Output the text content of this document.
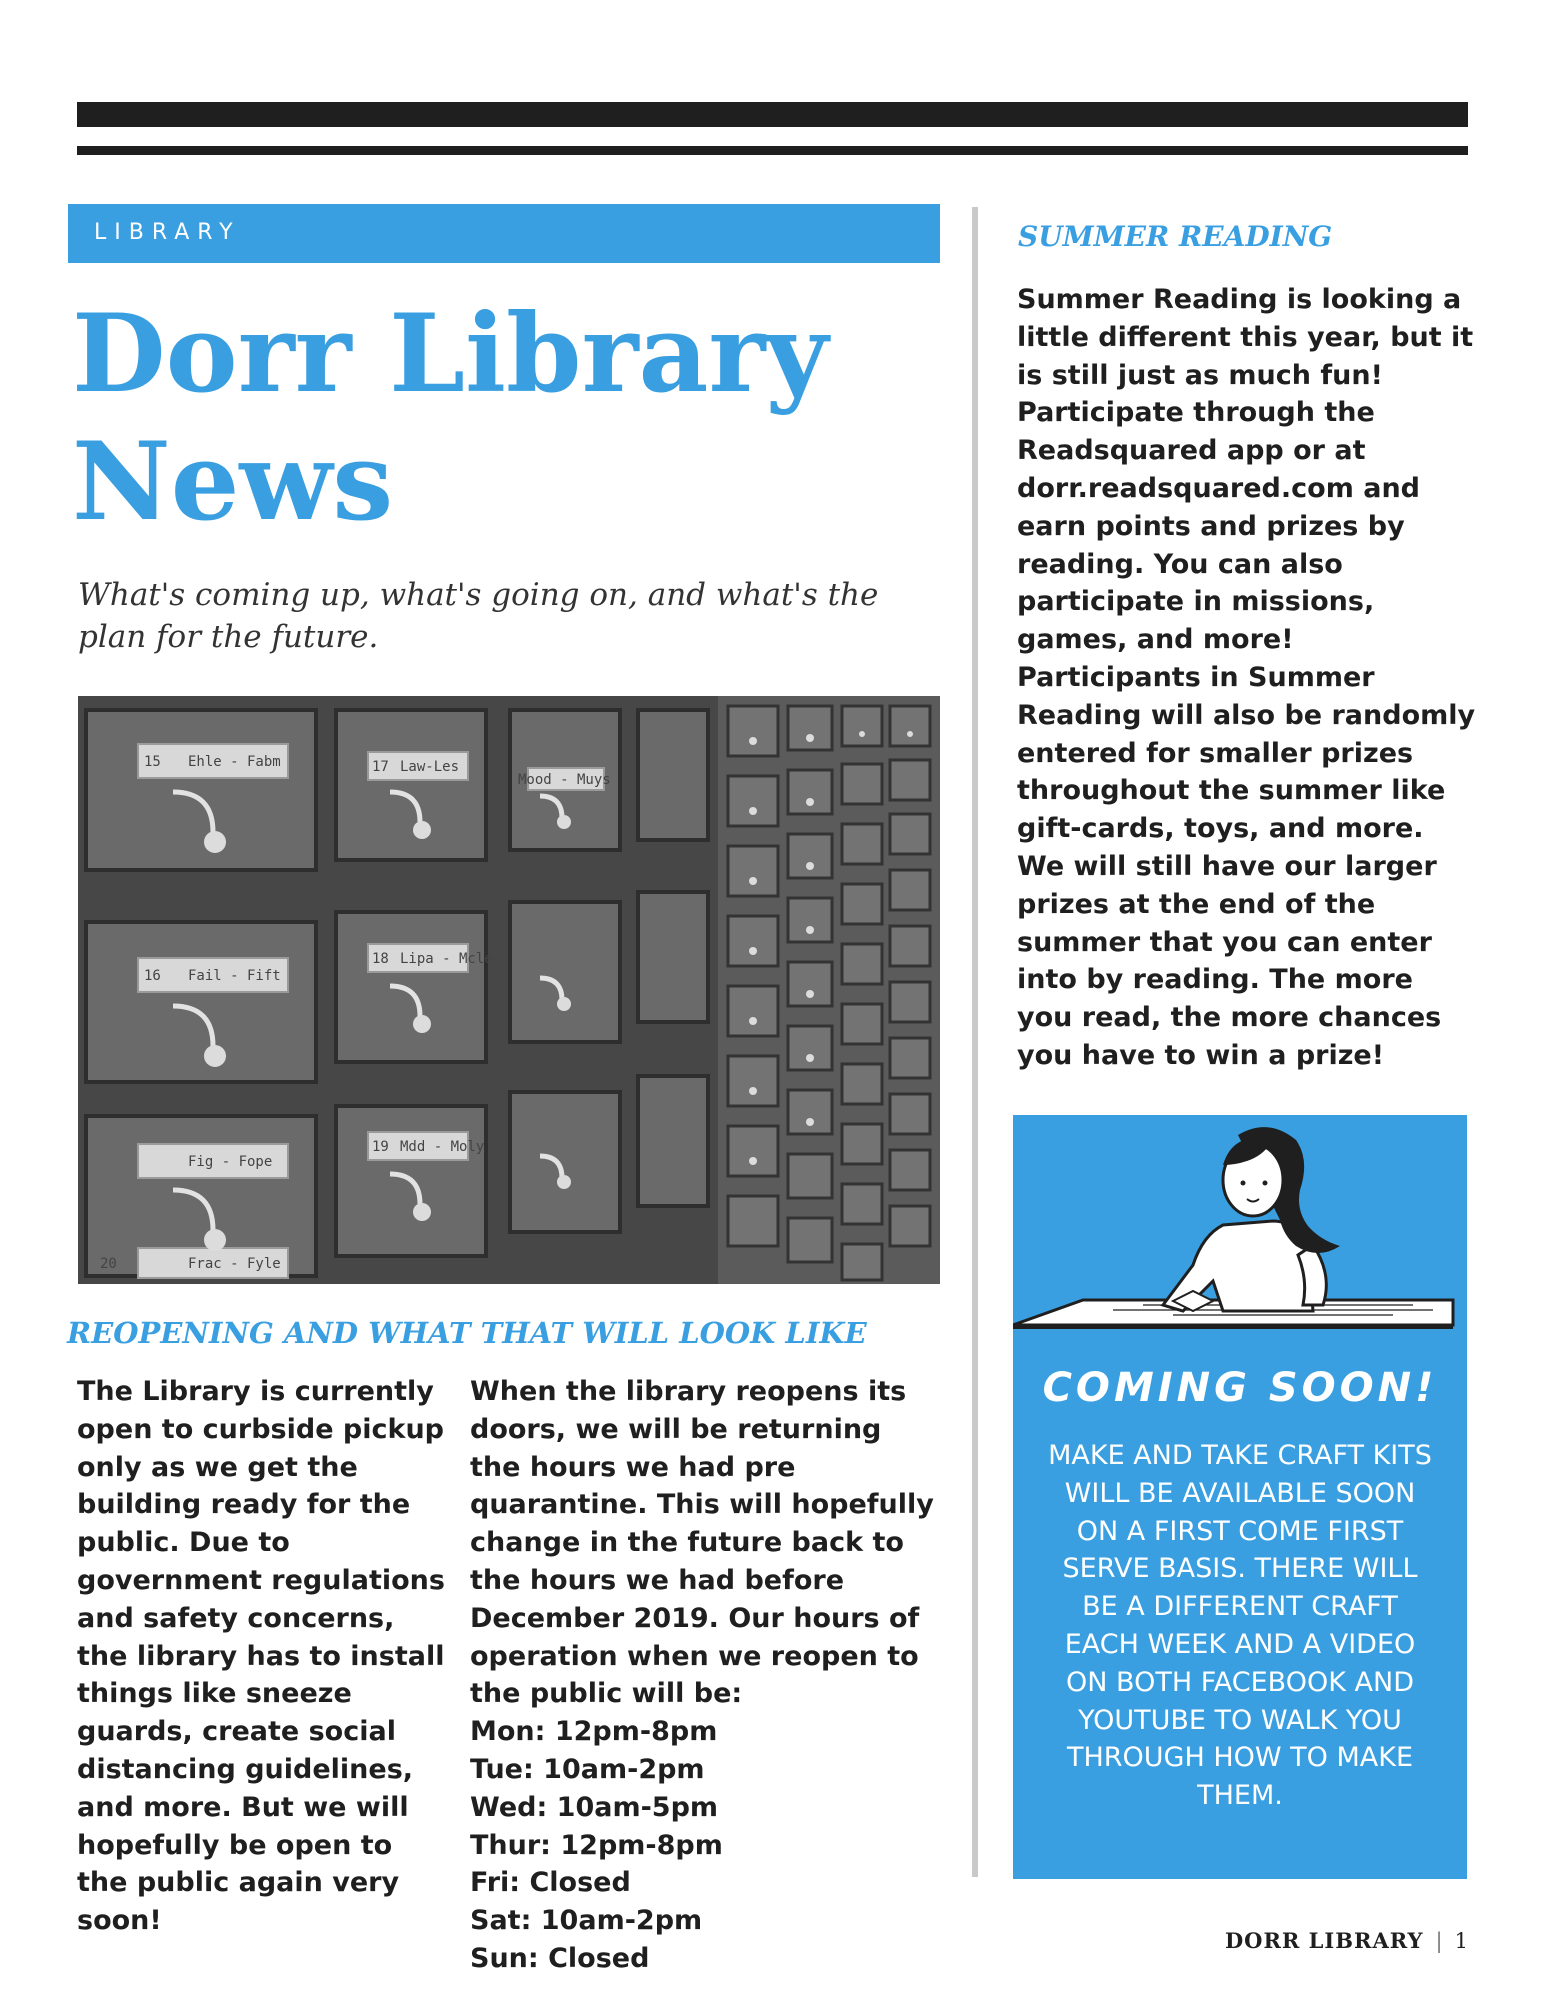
LIBRARY
Dorr Library News

What's coming up, what's going on, and what's the plan for the future.

15 Ehle - Fabm	17 Law-Les
16 Fail - Fift
18 Lipa - Mcle
Fig - Fope
19 Mdd - Moly
Frac - Fyle
Mood - Muys
20
REOPENING AND WHAT THAT WILL LOOK LIKE

The Library is currently open to curbside pickup only as we get the building ready for the public. Due to government regulations and safety concerns, the library has to install things like sneeze guards, create social distancing guidelines, and more. But we will hopefully be open to the public again very soon!

When the library reopens its doors, we will be returning the hours we had pre quarantine. This will hopefully change in the future back to the hours we had before December 2019. Our hours of operation when we reopen to the public will be:

Mon: 12pm-8pm
Tue: 10am-2pm
Wed: 10am-5pm
Thur: 12pm-8pm
Fri: Closed
Sat: 10am-2pm
Sun: Closed
SUMMER READING

Summer Reading is looking a little different this year, but it is still just as much fun! Participate through the Readsquared app or at dorr.readsquared.com and earn points and prizes by reading. You can also participate in missions, games, and more! Participants in Summer Reading will also be randomly entered for smaller prizes throughout the summer like gift-cards, toys, and more. We will still have our larger prizes at the end of the summer that you can enter into by reading. The more you read, the more chances you have to win a prize!

COMING SOON!

MAKE AND TAKE CRAFT KITS WILL BE AVAILABLE SOON ON A FIRST COME FIRST SERVE BASIS. THERE WILL BE A DIFFERENT CRAFT EACH WEEK AND A VIDEO ON BOTH FACEBOOK AND YOUTUBE TO WALK YOU THROUGH HOW TO MAKE THEM.

DORR LIBRARY | 1
